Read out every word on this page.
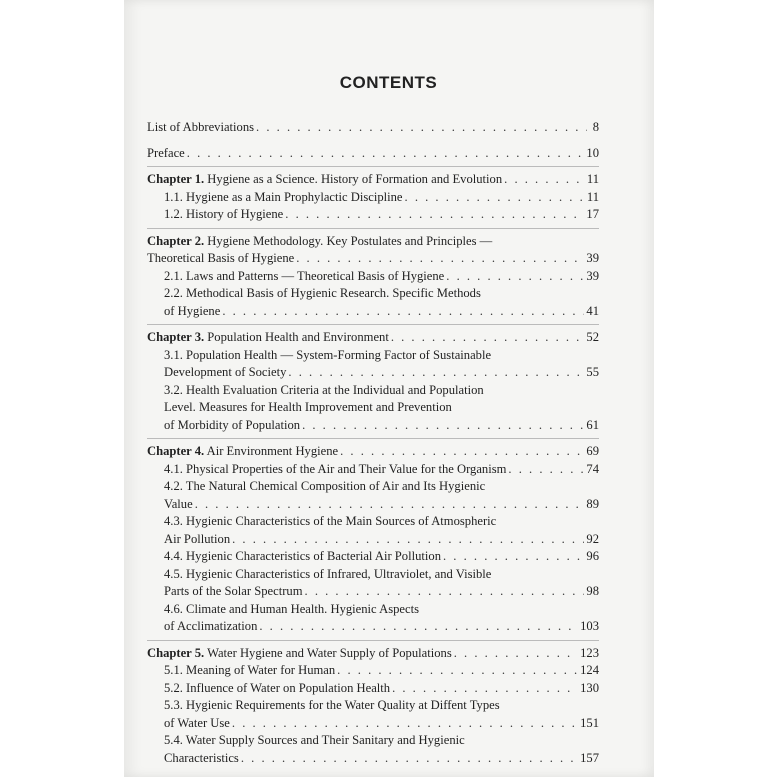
CONTENTS
List of Abbreviations . . .	8
Preface . . .	10
Chapter 1. Hygiene as a Science. History of Formation and Evolution . . .	11
1.1. Hygiene as a Main Prophylactic Discipline . . .	11
1.2. History of Hygiene . . .	17
Chapter 2. Hygiene Methodology. Key Postulates and Principles —
Theoretical Basis of Hygiene . . .	39
2.1. Laws and Patterns — Theoretical Basis of Hygiene . . .	39
2.2. Methodical Basis of Hygienic Research. Specific Methods
of Hygiene . . .	41
Chapter 3. Population Health and Environment . . .	52
3.1. Population Health — System-Forming Factor of Sustainable
Development of Society . . .	55
3.2. Health Evaluation Criteria at the Individual and Population
Level. Measures for Health Improvement and Prevention
of Morbidity of Population . . .	61
Chapter 4. Air Environment Hygiene . . .	69
4.1. Physical Properties of the Air and Their Value for the Organism . . .	74
4.2. The Natural Chemical Composition of Air and Its Hygienic
Value . . .	89
4.3. Hygienic Characteristics of the Main Sources of Atmospheric
Air Pollution . . .	92
4.4. Hygienic Characteristics of Bacterial Air Pollution . . .	96
4.5. Hygienic Characteristics of Infrared, Ultraviolet, and Visible
Parts of the Solar Spectrum . . .	98
4.6. Climate and Human Health. Hygienic Aspects
of Acclimatization . . .	103
Chapter 5. Water Hygiene and Water Supply of Populations . . .	123
5.1. Meaning of Water for Human . . .	124
5.2. Influence of Water on Population Health . . .	130
5.3. Hygienic Requirements for the Water Quality at Diffent Types
of Water Use . . .	151
5.4. Water Supply Sources and Their Sanitary and Hygienic
Characteristics . . .	157
